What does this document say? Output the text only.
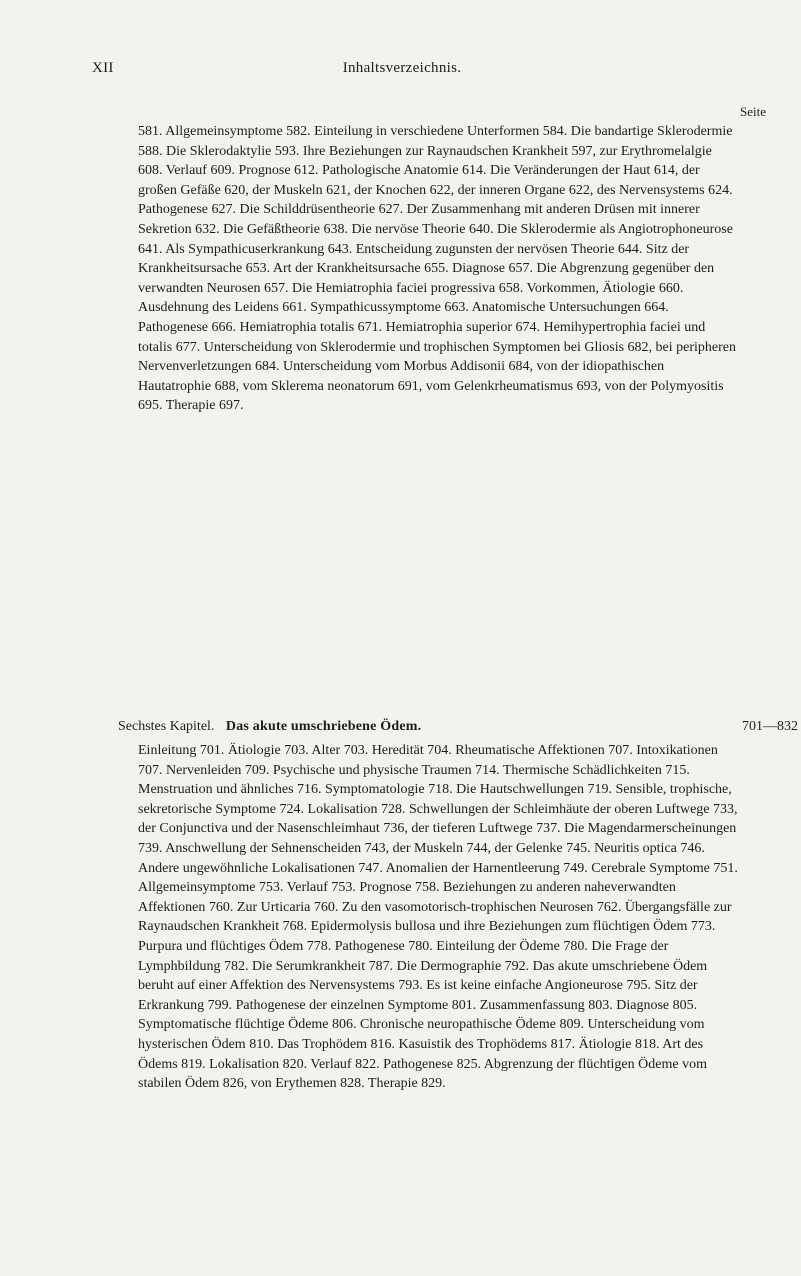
XII	Inhaltsverzeichnis.
Seite
581. Allgemeinsymptome 582. Einteilung in verschiedene Unterformen 584. Die bandartige Sklerodermie 588. Die Sklerodaktylie 593. Ihre Beziehungen zur Raynaudschen Krankheit 597, zur Erythromelalgie 608. Verlauf 609. Prognose 612. Pathologische Anatomie 614. Die Veränderungen der Haut 614, der großen Gefäße 620, der Muskeln 621, der Knochen 622, der inneren Organe 622, des Nervensystems 624. Pathogenese 627. Die Schilddrüsentheorie 627. Der Zusammenhang mit anderen Drüsen mit innerer Sekretion 632. Die Gefäßtheorie 638. Die nervöse Theorie 640. Die Sklerodermie als Angiotrophoneurose 641. Als Sympathicuserkrankung 643. Entscheidung zugunsten der nervösen Theorie 644. Sitz der Krankheitsursache 653. Art der Krankheitsursache 655. Diagnose 657. Die Abgrenzung gegenüber den verwandten Neurosen 657. Die Hemiatrophia faciei progressiva 658. Vorkommen, Ätiologie 660. Ausdehnung des Leidens 661. Sympathicussymptome 663. Anatomische Untersuchungen 664. Pathogenese 666. Hemiatrophia totalis 671. Hemiatrophia superior 674. Hemihypertrophia faciei und totalis 677. Unterscheidung von Sklerodermie und trophischen Symptomen bei Gliosis 682, bei peripheren Nervenverletzungen 684. Unterscheidung vom Morbus Addisonii 684, von der idiopathischen Hautatrophie 688, vom Sklerema neonatorum 691, vom Gelenkrheumatismus 693, von der Polymyositis 695. Therapie 697.
Sechstes Kapitel. Das akute umschriebene Ödem.	701—832
Einleitung 701. Ätiologie 703. Alter 703. Heredität 704. Rheumatische Affektionen 707. Intoxikationen 707. Nervenleiden 709. Psychische und physische Traumen 714. Thermische Schädlichkeiten 715. Menstruation und ähnliches 716. Symptomatologie 718. Die Hautschwellungen 719. Sensible, trophische, sekretorische Symptome 724. Lokalisation 728. Schwellungen der Schleimhäute der oberen Luftwege 733, der Conjunctiva und der Nasenschleimhaut 736, der tieferen Luftwege 737. Die Magendarmerscheinungen 739. Anschwellung der Sehnenscheiden 743, der Muskeln 744, der Gelenke 745. Neuritis optica 746. Andere ungewöhnliche Lokalisationen 747. Anomalien der Harnentleerung 749. Cerebrale Symptome 751. Allgemeinsymptome 753. Verlauf 753. Prognose 758. Beziehungen zu anderen naheverwandten Affektionen 760. Zur Urticaria 760. Zu den vasomotorisch-trophischen Neurosen 762. Übergangsfälle zur Raynaudschen Krankheit 768. Epidermolysis bullosa und ihre Beziehungen zum flüchtigen Ödem 773. Purpura und flüchtiges Ödem 778. Pathogenese 780. Einteilung der Ödeme 780. Die Frage der Lymphbildung 782. Die Serumkrankheit 787. Die Dermographie 792. Das akute umschriebene Ödem beruht auf einer Affektion des Nervensystems 793. Es ist keine einfache Angioneurose 795. Sitz der Erkrankung 799. Pathogenese der einzelnen Symptome 801. Zusammenfassung 803. Diagnose 805. Symptomatische flüchtige Ödeme 806. Chronische neuropathische Ödeme 809. Unterscheidung vom hysterischen Ödem 810. Das Trophödem 816. Kasuistik des Trophödems 817. Ätiologie 818. Art des Ödems 819. Lokalisation 820. Verlauf 822. Pathogenese 825. Abgrenzung der flüchtigen Ödeme vom stabilen Ödem 826, von Erythemen 828. Therapie 829.
